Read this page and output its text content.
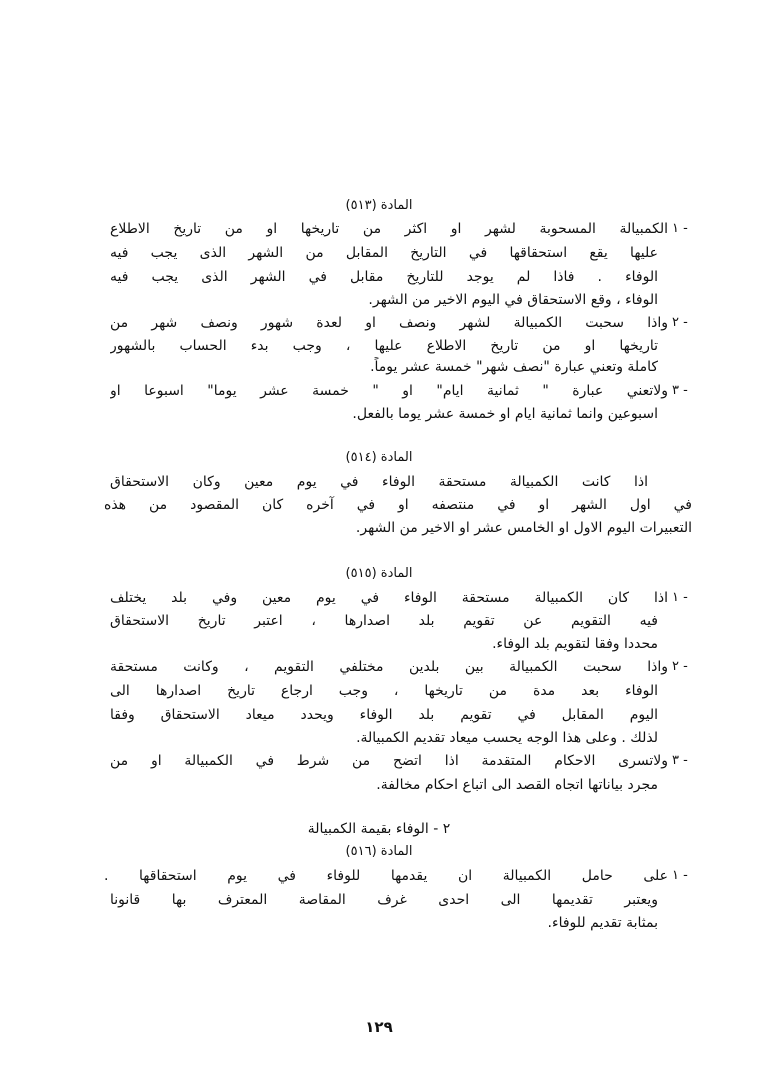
المادة (٥١٣)
١ -
الكمبيالة المسحوبة لشهر او اكثر من تاريخها او من تاريخ الاطلاع
عليها يقع استحقاقها في التاريخ المقابل من الشهر الذى يجب فيه
الوفاء . فاذا لم يوجد للتاريخ مقابل في الشهر الذى يجب فيه
الوفاء ، وقع الاستحقاق في اليوم الاخير من الشهر.
٢ -
واذا سحبت الكمبيالة لشهر ونصف او لعدة شهور ونصف شهر من
تاريخها او من تاريخ الاطلاع عليها ، وجب بدء الحساب بالشهور
كاملة وتعني عبارة "نصف شهر" خمسة عشر يوماً.
٣ -
ولاتعني عبارة " ثمانية ايام" او " خمسة عشر يوما" اسبوعا او
اسبوعين وانما ثمانية ايام او خمسة عشر يوما بالفعل.
المادة (٥١٤)
اذا كانت الكمبيالة مستحقة الوفاء في يوم معين وكان الاستحقاق
في اول الشهر او في منتصفه او في آخره كان المقصود من هذه
التعبيرات اليوم الاول او الخامس عشر او الاخير من الشهر.
المادة (٥١٥)
١ -
اذا كان الكمبيالة مستحقة الوفاء في يوم معين وفي بلد يختلف
فيه التقويم عن تقويم بلد اصدارها ، اعتبر تاريخ الاستحقاق
محددا وفقا لتقويم بلد الوفاء.
٢ -
واذا سحبت الكمبيالة بين بلدين مختلفي التقويم ، وكانت مستحقة
الوفاء بعد مدة من تاريخها ، وجب ارجاع تاريخ اصدارها الى
اليوم المقابل في تقويم بلد الوفاء ويحدد ميعاد الاستحقاق وفقا
لذلك . وعلى هذا الوجه يحسب ميعاد تقديم الكمبيالة.
٣ -
ولاتسرى الاحكام المتقدمة اذا اتضح من شرط في الكمبيالة او من
مجرد بياناتها اتجاه القصد الى اتباع احكام مخالفة.
٢ - الوفاء بقيمة الكمبيالة
المادة (٥١٦)
١ -
على حامل الكمبيالة ان يقدمها للوفاء في يوم استحقاقها .
ويعتبر تقديمها الى احدى غرف المقاصة المعترف بها قانونا
بمثابة تقديم للوفاء.
١٢٩
